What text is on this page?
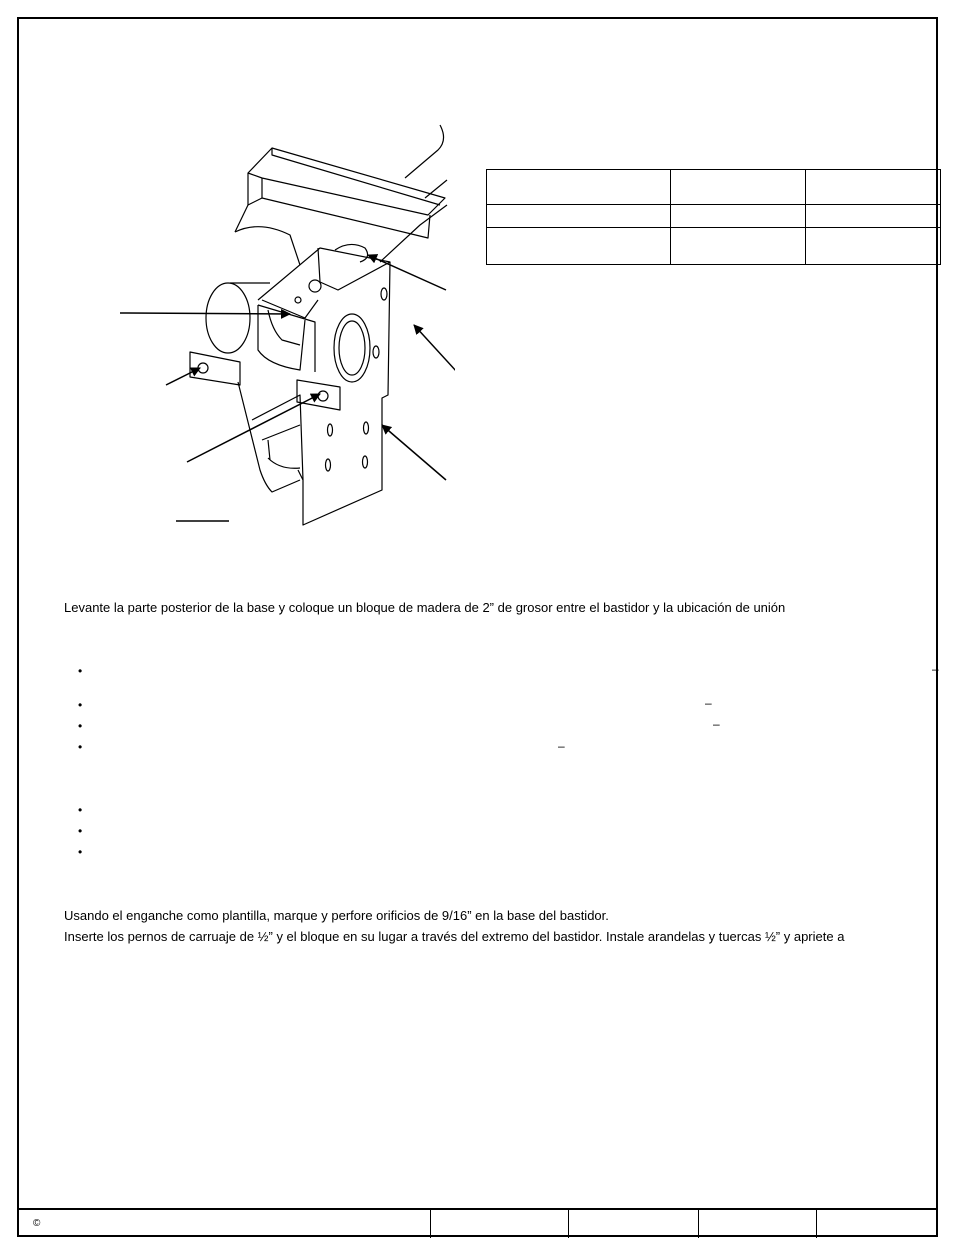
Levante la parte posterior de la base y coloque un bloque de madera de 2” de grosor entre el bastidor y la ubicación de unión
•	–
•	–
•	–
•	–
•
•
•
Usando el enganche como plantilla, marque y perfore orificios de 9/16” en la base del bastidor.
Inserte los pernos de carruaje de ½” y el bloque en su lugar a través del extremo del bastidor. Instale arandelas y tuercas ½” y apriete a
©
